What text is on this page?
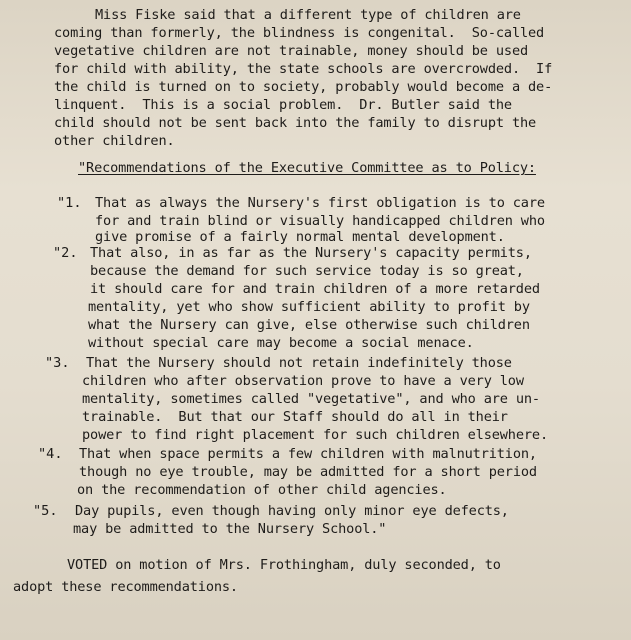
Miss Fiske said that a different type of children are
coming than formerly, the blindness is congenital.  So-called
vegetative children are not trainable, money should be used
for child with ability, the state schools are overcrowded.  If
the child is turned on to society, probably would become a de-
linquent.  This is a social problem.  Dr. Butler said the
child should not be sent back into the family to disrupt the
other children.
"Recommendations of the Executive Committee as to Policy:
"1. That as always the Nursery's first obligation is to care
for and train blind or visually handicapped children who
give promise of a fairly normal mental development.
"2. That also, in as far as the Nursery's capacity permits,
because the demand for such service today is so great,
it should care for and train children of a more retarded
mentality, yet who show sufficient ability to profit by
what the Nursery can give, else otherwise such children
without special care may become a social menace.
"3. That the Nursery should not retain indefinitely those
children who after observation prove to have a very low
mentality, sometimes called "vegetative", and who are un-
trainable.  But that our Staff should do all in their
power to find right placement for such children elsewhere.
"4. That when space permits a few children with malnutrition,
though no eye trouble, may be admitted for a short period
on the recommendation of other child agencies.
"5. Day pupils, even though having only minor eye defects,
may be admitted to the Nursery School."
VOTED on motion of Mrs. Frothingham, duly seconded, to
adopt these recommendations.
